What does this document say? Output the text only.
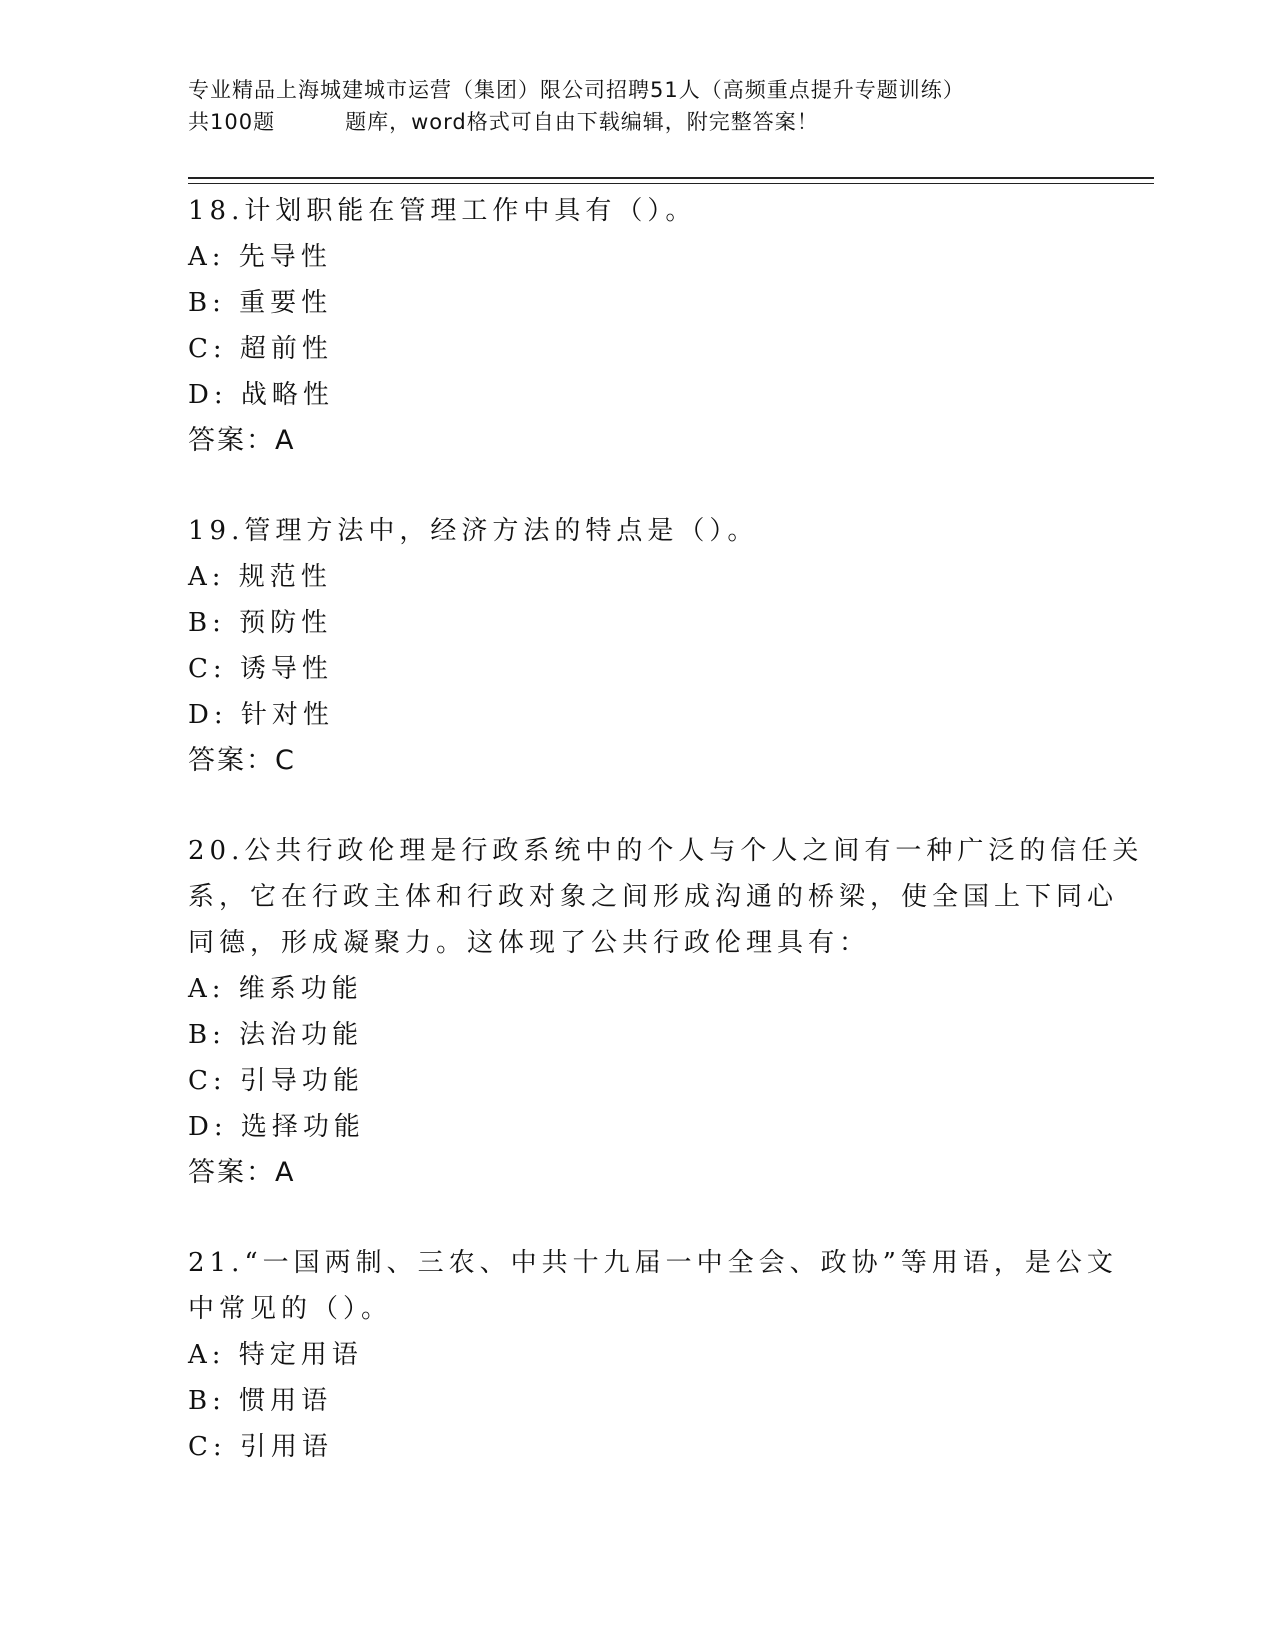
专业精品上海城建城市运营（集团）限公司招聘51人（高频重点提升专题训练）
共100题	题库，word格式可自由下载编辑，附完整答案！
18.计划职能在管理工作中具有（）。
A: 先导性
B: 重要性
C: 超前性
D: 战略性
答案：A
19.管理方法中，经济方法的特点是（）。
A: 规范性
B: 预防性
C: 诱导性
D: 针对性
答案：C
20.公共行政伦理是行政系统中的个人与个人之间有一种广泛的信任关
系，它在行政主体和行政对象之间形成沟通的桥梁，使全国上下同心
同德，形成凝聚力。这体现了公共行政伦理具有：
A: 维系功能
B: 法治功能
C: 引导功能
D: 选择功能
答案：A
21.“一国两制、三农、中共十九届一中全会、政协”等用语，是公文
中常见的（）。
A: 特定用语
B: 惯用语
C: 引用语
